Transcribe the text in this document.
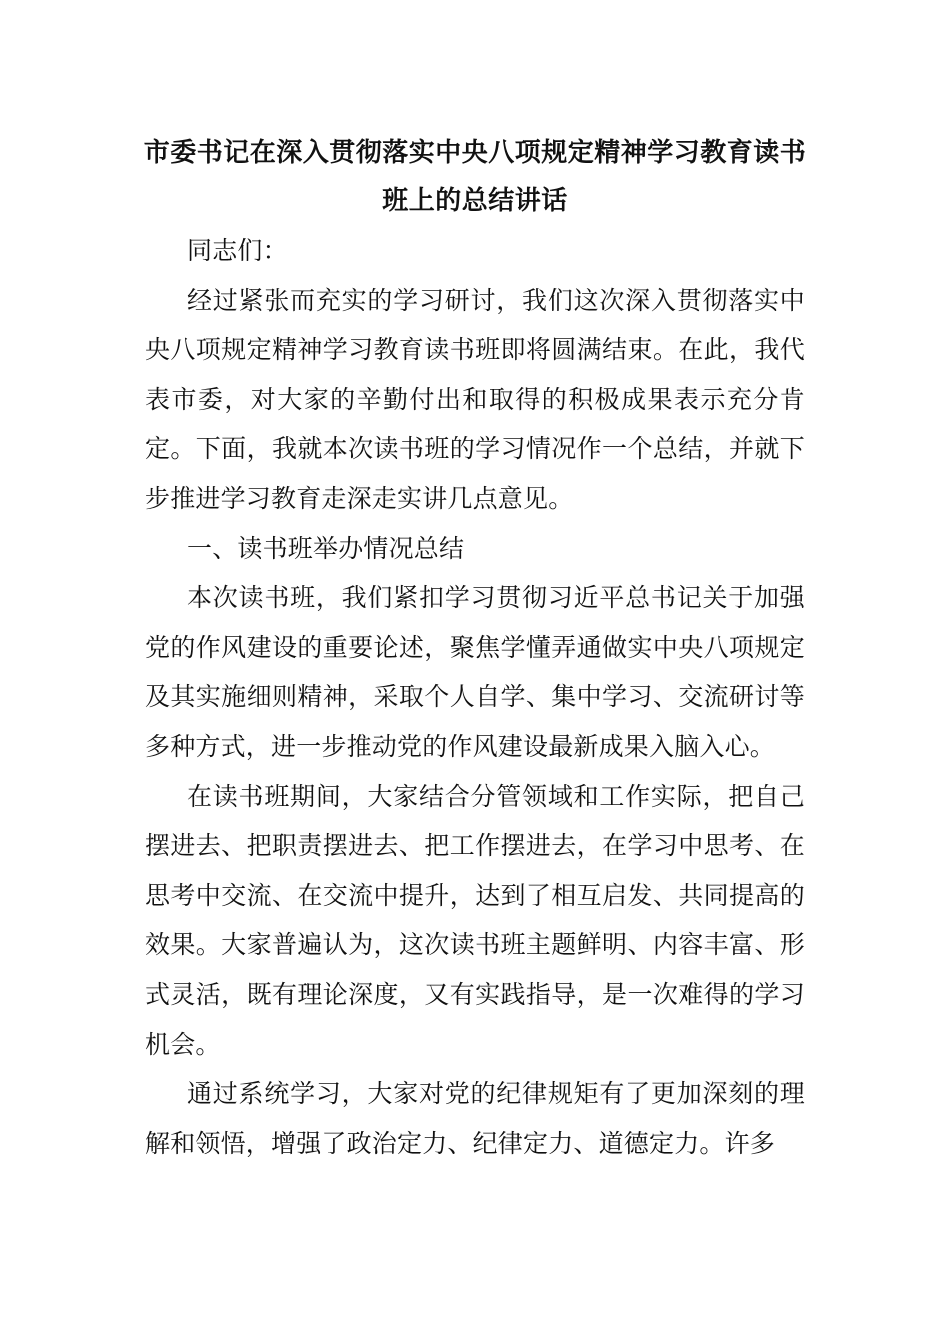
市委书记在深入贯彻落实中央八项规定精神学习教育读书
班上的总结讲话

同志们：

经过紧张而充实的学习研讨，我们这次深入贯彻落实中央八项规定精神学习教育读书班即将圆满结束。在此，我代表市委，对大家的辛勤付出和取得的积极成果表示充分肯定。下面，我就本次读书班的学习情况作一个总结，并就下步推进学习教育走深走实讲几点意见。

一、读书班举办情况总结

本次读书班，我们紧扣学习贯彻习近平总书记关于加强党的作风建设的重要论述，聚焦学懂弄通做实中央八项规定及其实施细则精神，采取个人自学、集中学习、交流研讨等多种方式，进一步推动党的作风建设最新成果入脑入心。

在读书班期间，大家结合分管领域和工作实际，把自己摆进去、把职责摆进去、把工作摆进去，在学习中思考、在思考中交流、在交流中提升，达到了相互启发、共同提高的效果。大家普遍认为，这次读书班主题鲜明、内容丰富、形式灵活，既有理论深度，又有实践指导，是一次难得的学习机会。

通过系统学习，大家对党的纪律规矩有了更加深刻的理解和领悟，增强了政治定力、纪律定力、道德定力。许多
